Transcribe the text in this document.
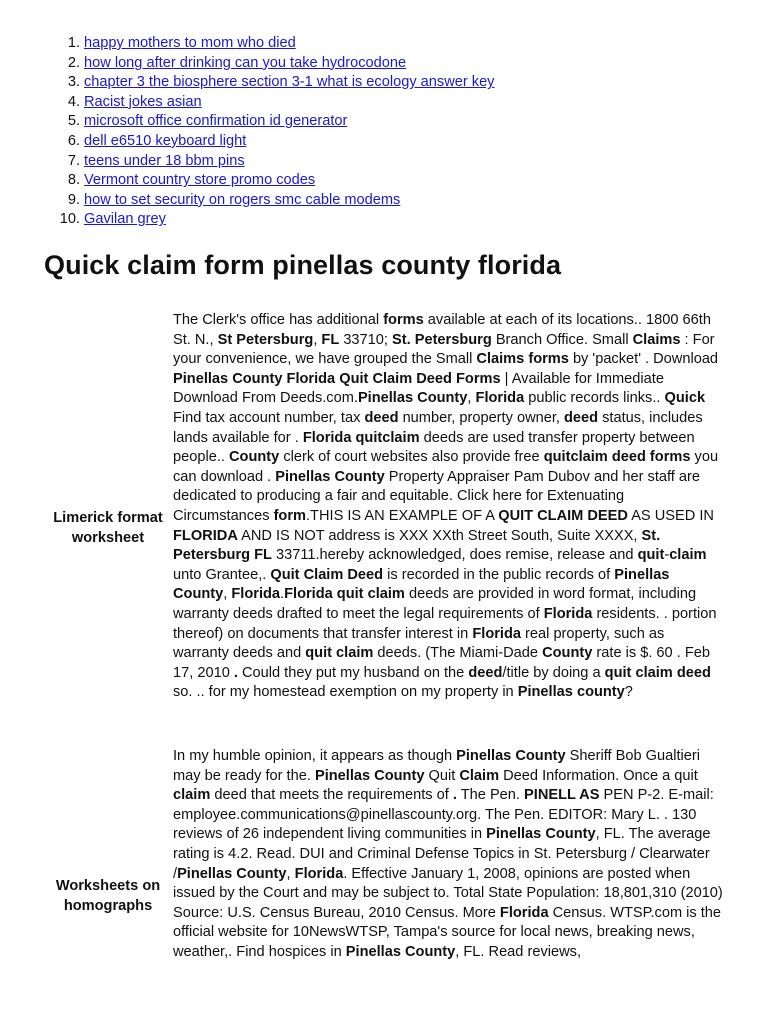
1. happy mothers to mom who died
2. how long after drinking can you take hydrocodone
3. chapter 3 the biosphere section 3-1 what is ecology answer key
4. Racist jokes asian
5. microsoft office confirmation id generator
6. dell e6510 keyboard light
7. teens under 18 bbm pins
8. Vermont country store promo codes
9. how to set security on rogers smc cable modems
10. Gavilan grey
Quick claim form pinellas county florida
Limerick format worksheet

The Clerk's office has additional forms available at each of its locations.. 1800 66th St. N., St Petersburg, FL 33710; St. Petersburg Branch Office. Small Claims : For your convenience, we have grouped the Small Claims forms by 'packet' . Download Pinellas County Florida Quit Claim Deed Forms | Available for Immediate Download From Deeds.com.Pinellas County, Florida public records links.. Quick Find tax account number, tax deed number, property owner, deed status, includes lands available for . Florida quitclaim deeds are used transfer property between people.. County clerk of court websites also provide free quitclaim deed forms you can download . Pinellas County Property Appraiser Pam Dubov and her staff are dedicated to producing a fair and equitable. Click here for Extenuating Circumstances form.THIS IS AN EXAMPLE OF A QUIT CLAIM DEED AS USED IN FLORIDA AND IS NOT address is XXX XXth Street South, Suite XXXX, St. Petersburg FL 33711.hereby acknowledged, does remise, release and quit-claim unto Grantee,. Quit Claim Deed is recorded in the public records of Pinellas County, Florida.Florida quit claim deeds are provided in word format, including warranty deeds drafted to meet the legal requirements of Florida residents. . portion thereof) on documents that transfer interest in Florida real property, such as warranty deeds and quit claim deeds. (The Miami-Dade County rate is $. 60 . Feb 17, 2010 . Could they put my husband on the deed/title by doing a quit claim deed so. .. for my homestead exemption on my property in Pinellas county?

Worksheets on homographs

In my humble opinion, it appears as though Pinellas County Sheriff Bob Gualtieri may be ready for the. Pinellas County Quit Claim Deed Information. Once a quit claim deed that meets the requirements of . The Pen. PINELL AS PEN P-2. E-mail: employee.communications@pinellascounty.org. The Pen. EDITOR: Mary L. . 130 reviews of 26 independent living communities in Pinellas County, FL. The average rating is 4.2. Read. DUI and Criminal Defense Topics in St. Petersburg / Clearwater /Pinellas County, Florida. Effective January 1, 2008, opinions are posted when issued by the Court and may be subject to. Total State Population: 18,801,310 (2010) Source: U.S. Census Bureau, 2010 Census. More Florida Census. WTSP.com is the official website for 10NewsWTSP, Tampa's source for local news, breaking news, weather,. Find hospices in Pinellas County, FL. Read reviews,
